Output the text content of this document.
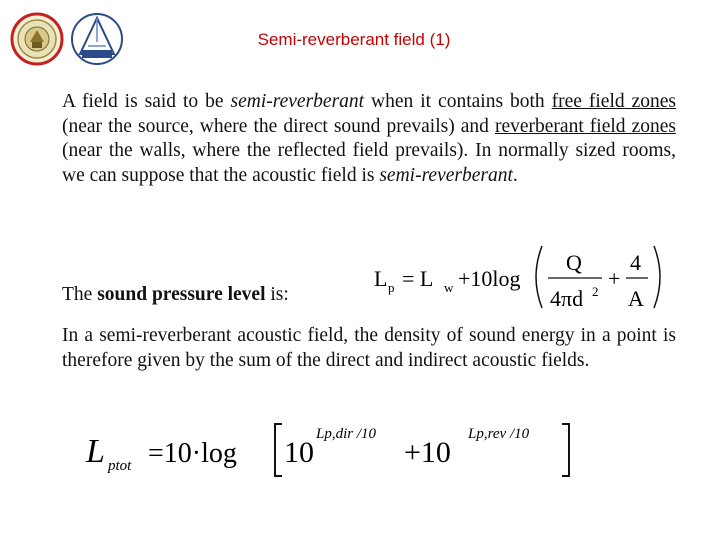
Semi-reverberant field (1)

A field is said to be semi-reverberant when it contains both free field zones (near the source, where the direct sound prevails) and reverberant field zones (near the walls, where the reflected field prevails). In normally sized rooms, we can suppose that the acoustic field is semi-reverberant.

The sound pressure level is:
L p = L w +10log
Q
4πd 2
+
4
A

In a semi-reverberant acoustic field, the density of sound energy in a point is therefore given by the sum of the direct and indirect acoustic fields.

L ptot =10·log 10
Lp,dir /10
+10
Lp,rev /10
